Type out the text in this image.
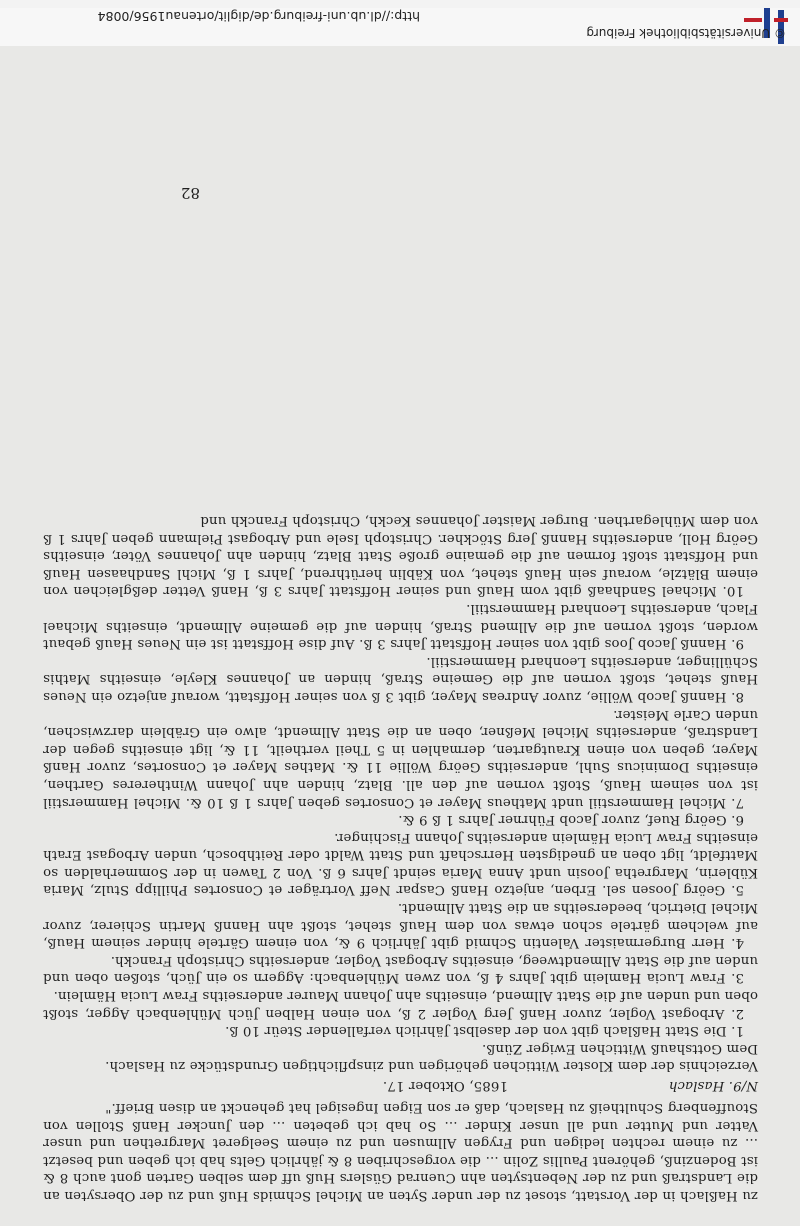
zu Haßlach in der Vorstatt, stoset zu der under Syten an Michel Schmids Huß und zu der Obersyten an die Landstraß und zu der Nebentsyten ahn Cuenrad Güslers Huß uff dem selben Garten gont auch 8 & ist Bodenzinß, gehörent Paullis Zolin ... die vorgeschriben 8 & jährlich Gelts hab ich geben und besetzt ... zu einem rechten ledigen und Frygen Allmusen und zu einem Seelgeret Margrethen und unser Vatter und Mutter und all unser Kinder ... So hab ich gebeten ... den Juncker Hanß Stollen von Stouffenberg Schultheiß zu Haslach, daß er son Eigen Ingesigel hat gehenckt an disen Brieff."

N/9. Haslach
1685, Oktober 17.

Verzeichnis der dem Kloster Wittichen gehörigen und zinspflichtigen Grundstücke zu Haslach.

Dem Gottshauß Wittichen Ewiger Zünß.

1. Die Statt Haßlach gibt von der daselbst Jährlich verfallender Steür 10 ß.

2. Arbogast Vogler, zuvor Hanß Jerg Vogler 2 ß, von einen Halben Jüch Mühlenbach Agger, stoßt oben und unden auf die Statt Allmend, einseiths ahn Johann Maurer anderseiths Fraw Lucia Hämlein.

3. Fraw Lucia Hamlein gibt Jahrs 4 ß, von zwen Mühlenbach: Aggern so ein Jüch, stoßen oben und unden auf die Statt Allmendtweeg, einseiths Arbogast Vogler, anderseiths Christoph Franckh.

4. Herr Burgermaister Valentin Schmid gibt Jährlich 9 &, von einem Gärtele hinder seinem Hauß, auf welchem gärtele schon etwas von dem Hauß stehet, stoßt ahn Hannß Martin Schierer, zuvor Michel Dietrich, beederseiths an die Statt Allmendt.

5. Geörg Joosen sel. Erben, anjetzo Hanß Caspar Neff Vorträger et Consortes Phillipp Stulz, Maria Küblerin, Margretha Joosin undt Anna Maria seindt Jahrs 6 ß. Von 2 Tawen in der Sommerhalden so Mattfeldt, ligt oben an gnedigsten Herrschaft und Statt Waldt oder Reithbosch, unden Arbogast Erath einseiths Fraw Lucia Hämlein anderseiths Johann Fischinger.

6. Geörg Ruef, zuvor Jacob Führner Jahrs 1 ß 9 &.

7. Michel Hammerstiil undt Matheus Mayer et Consortes geben Jahrs 1 ß 10 &. Michel Hammerstiil ist von seinem Hauß, Stoßt vornen auf den all. Blatz, hinden ahn Johann Winthereres Garthen, einseiths Dominicus Suhl, anderseiths Geörg Wöllie 11 &. Mathes Mayer et Consortes, zuvor Hanß Mayer, geben von einen Krautgarten, dermahlen in 5 Theil vertheilt, 11 &, ligt einseiths gegen der Landstraß, anderseiths Michel Meßner, oben an die Statt Allmendt, alwo ein Gräblein darzwischen, unden Carle Meister.

8. Hannß Jacob Wöllie, zuvor Andreas Mayer, gibt 3 ß von seiner Hoffstatt, worauf anjetzo ein Neues Hauß stehet, stoßt vornen auf die Gemeine Straß, hinden an Johannes Kleyle, einseiths Mathis Schüllinger, anderseiths Leonhard Hammerstiil.

9. Hannß Jacob Joos gibt von seiner Hoffstatt Jahrs 3 ß. Auf dise Hoffstatt ist ein Neues Hauß gebaut worden, stoßt vornen auf die Allmend Straß, hinden auf die gemeine Allmendt, einseiths Michael Flach, anderseiths Leonhard Hammerstiil.

10. Michael Sandhaaß gibt vom Hauß und seiner Hoffstatt Jahrs 3 ß, Hanß Vetter deßgleichen von einem Blätzle, worauf sein Hauß stehet, von Käblin herüthrend, Jahrs 1 ß, Michl Sandhaasen Hauß und Hoffstatt stoßt formen auf die gemaine große Statt Blatz, hinden ahn Johannes Vöter, einseiths Geörg Holl, anderseiths Hannß Jerg Stöckher. Christoph Isele und Arbogast Pielmann geben Jahrs 1 ß von dem Mühlegarthen. Burger Maister Johannes Keckh, Christoph Franckh und

82
© Universitätsbibliothek Freiburg
http://dl.ub.uni-freiburg.de/diglit/ortenau1956/0084
